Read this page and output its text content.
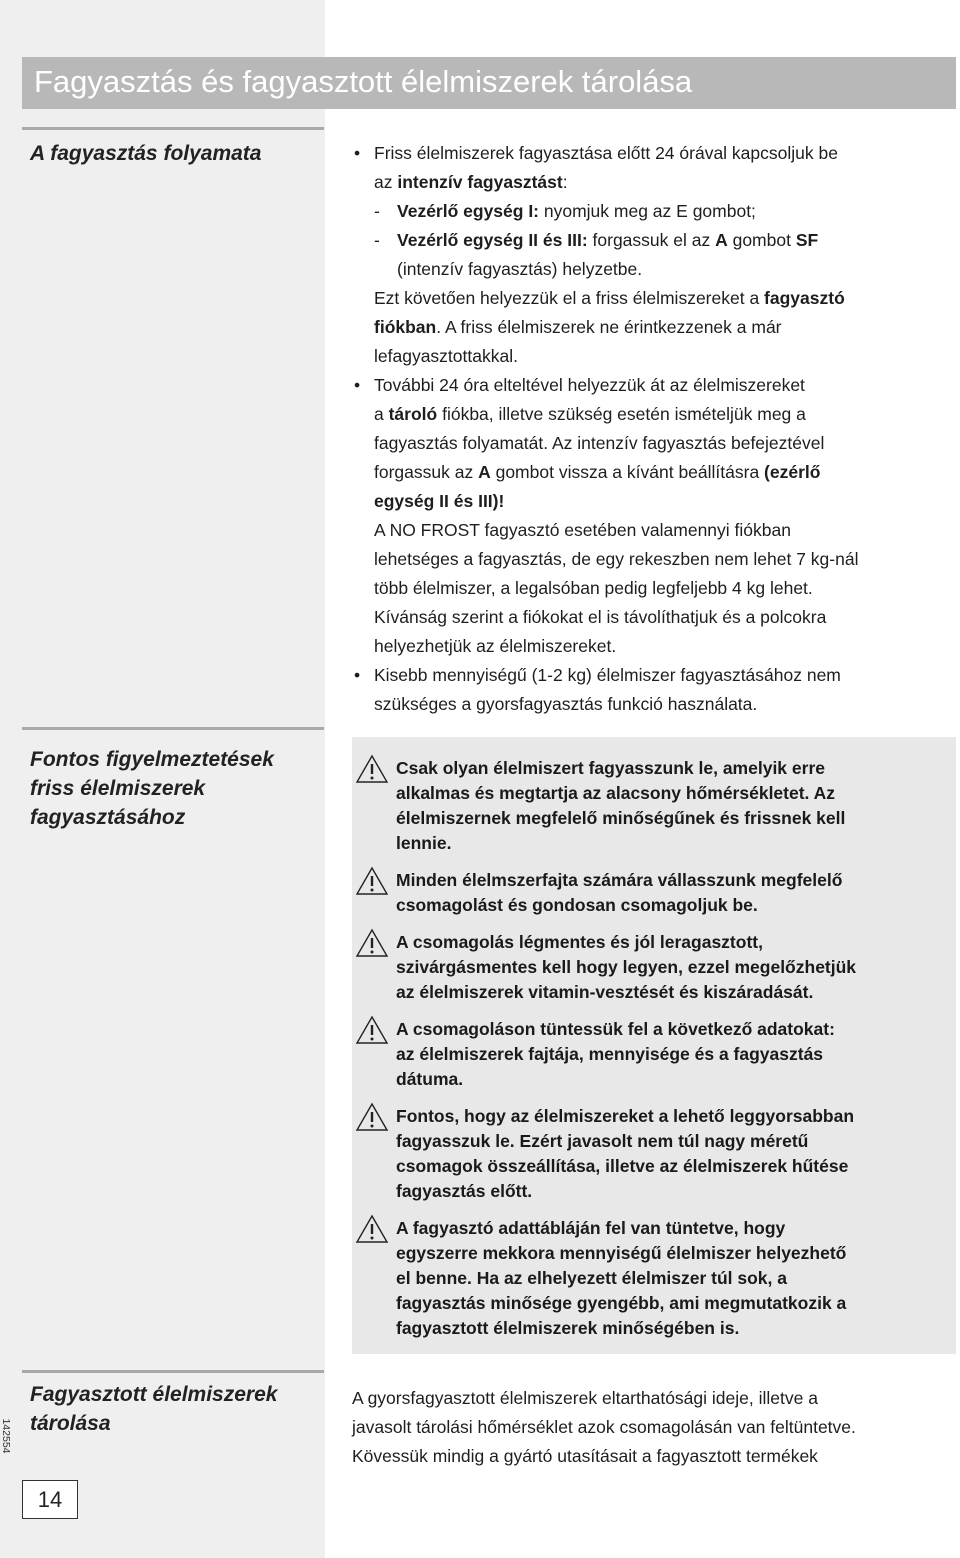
Fagyasztás és fagyasztott élelmiszerek tárolása
A fagyasztás folyamata
•	Friss élelmiszerek fagyasztása előtt 24 órával kapcsoljuk be
az intenzív fagyasztást:
- Vezérlő egység I: nyomjuk meg az E gombot;
- Vezérlő egység II és III: forgassuk el az A gombot SF
(intenzív fagyasztás) helyzetbe.
Ezt követően helyezzük el a friss élelmiszereket a fagyasztó
fiókban. A friss élelmiszerek ne érintkezzenek a már
lefagyasztottakkal.
• További 24 óra elteltével helyezzük át az élelmiszereket
a tároló fiókba, illetve szükség esetén ismételjük meg a
fagyasztás folyamatát. Az intenzív fagyasztás befejeztével
forgassuk az A gombot vissza a kívánt beállításra (ezérlő
egység II és III)!
A NO FROST fagyasztó esetében valamennyi fiókban
lehetséges a fagyasztás, de egy rekeszben nem lehet 7 kg-nál
több élelmiszer, a legalsóban pedig legfeljebb 4 kg lehet.
Kívánság szerint a fiókokat el is távolíthatjuk és a polcokra
helyezhetjük az élelmiszereket.
• Kisebb mennyiségű (1-2 kg) élelmiszer fagyasztásához nem
szükséges a gyorsfagyasztás funkció használata.
Fontos figyelmeztetések
friss élelmiszerek
fagyasztásához
Csak olyan élelmiszert fagyasszunk le, amelyik erre
alkalmas és megtartja az alacsony hőmérsékletet. Az
élelmiszernek megfelelő minőségűnek és frissnek kell
lennie.
Minden élelmszerfajta számára vállasszunk megfelelő
csomagolást és gondosan csomagoljuk be.
A csomagolás légmentes és jól leragasztott,
szivárgásmentes kell hogy legyen, ezzel megelőzhetjük
az élelmiszerek vitamin-vesztését és kiszáradását.
A csomagoláson tüntessük fel a következő adatokat:
az élelmiszerek fajtája, mennyisége és a fagyasztás
dátuma.
Fontos, hogy az élelmiszereket a lehető leggyorsabban
fagyasszuk le. Ezért javasolt nem túl nagy méretű
csomagok összeállítása, illetve az élelmiszerek hűtése
fagyasztás előtt.
A fagyasztó adattábláján fel van tüntetve, hogy
egyszerre mekkora mennyiségű élelmiszer helyezhető
el benne. Ha az elhelyezett élelmiszer túl sok, a
fagyasztás minősége gyengébb, ami megmutatkozik a
fagyasztott élelmiszerek minőségében is.
Fagyasztott élelmiszerek
tárolása
A gyorsfagyasztott élelmiszerek eltarthatósági ideje, illetve a
javasolt tárolási hőmérséklet azok csomagolásán van feltüntetve.
Kövessük mindig a gyártó utasításait a fagyasztott termékek
142554
14
